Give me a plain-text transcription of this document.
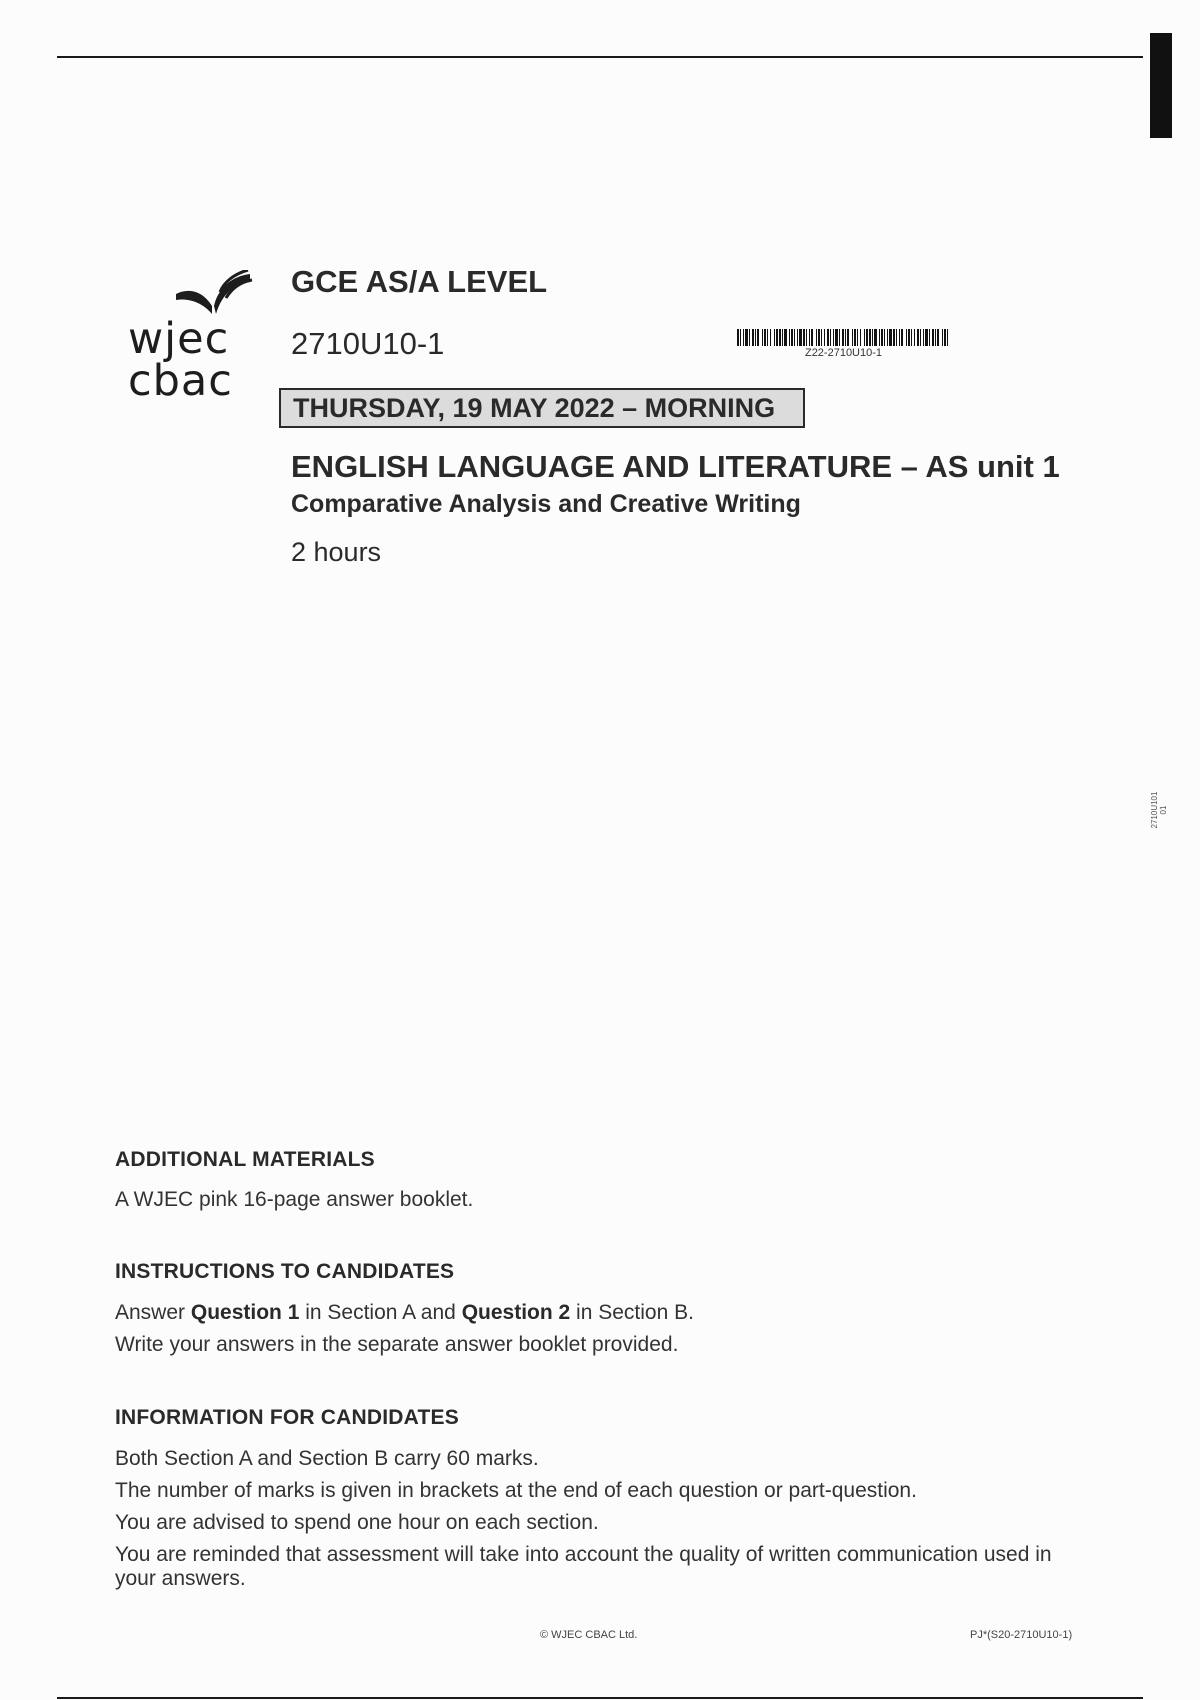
wjec
cbac
GCE AS/A LEVEL
2710U10-1	Z22-2710U10-1
THURSDAY, 19 MAY 2022 – MORNING
ENGLISH LANGUAGE AND LITERATURE – AS unit 1
Comparative Analysis and Creative Writing
2 hours
2710U101 01
ADDITIONAL MATERIALS
A WJEC pink 16-page answer booklet.
INSTRUCTIONS TO CANDIDATES
Answer Question 1 in Section A and Question 2 in Section B.
Write your answers in the separate answer booklet provided.
INFORMATION FOR CANDIDATES
Both Section A and Section B carry 60 marks.
The number of marks is given in brackets at the end of each question or part-question.
You are advised to spend one hour on each section.
You are reminded that assessment will take into account the quality of written communication used in your answers.
© WJEC CBAC Ltd.	PJ*(S20-2710U10-1)
